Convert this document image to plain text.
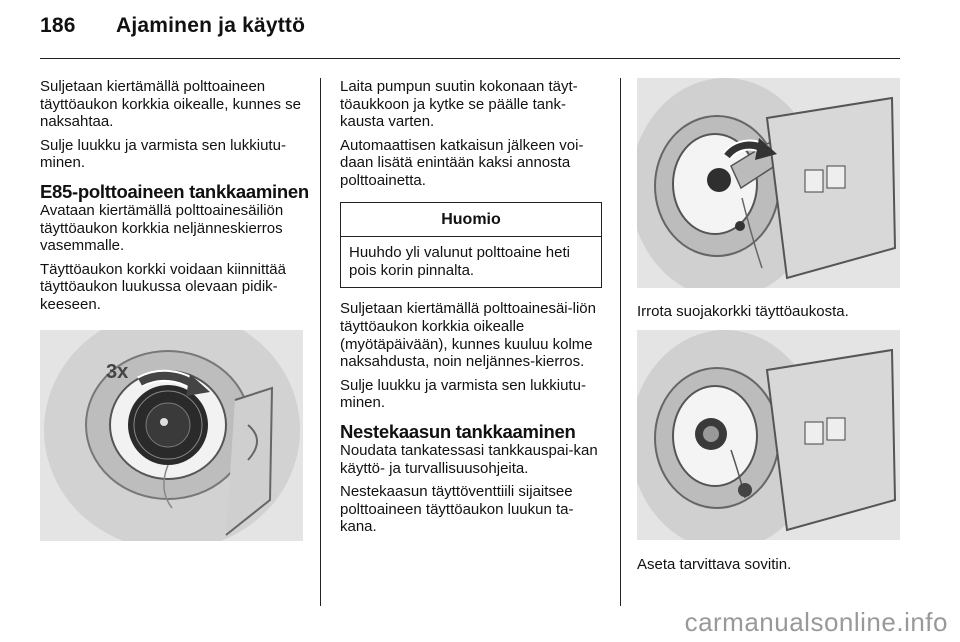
186 Ajaminen ja käyttö

Suljetaan kiertämällä polttoaineen täyttöaukon korkkia oikealle, kunnes se naksahtaa.

Sulje luukku ja varmista sen lukkiutu-minen.

E85-polttoaineen tankkaaminen

Avataan kiertämällä polttoainesäiliön täyttöaukon korkkia neljänneskierros vasemmalle.

Täyttöaukon korkki voidaan kiinnittää täyttöaukon luukussa olevaan pidik-keeseen.

3x

Laita pumpun suutin kokonaan täyt-töaukkoon ja kytke se päälle tank-kausta varten.

Automaattisen katkaisun jälkeen voi-daan lisätä enintään kaksi annosta polttoainetta.

Huomio
Huuhdo yli valunut polttoaine heti pois korin pinnalta.

Suljetaan kiertämällä polttoainesäi-liön täyttöaukon korkkia oikealle (myötäpäivään), kunnes kuuluu kolme naksahdusta, noin neljännes-kierros.

Sulje luukku ja varmista sen lukkiutu-minen.

Nestekaasun tankkaaminen

Noudata tankatessasi tankkauspai-kan käyttö- ja turvallisuusohjeita.

Nestekaasun täyttöventtiili sijaitsee polttoaineen täyttöaukon luukun ta-kana.

Irrota suojakorkki täyttöaukosta.
Aseta tarvittava sovitin.
carmanualsonline.info
